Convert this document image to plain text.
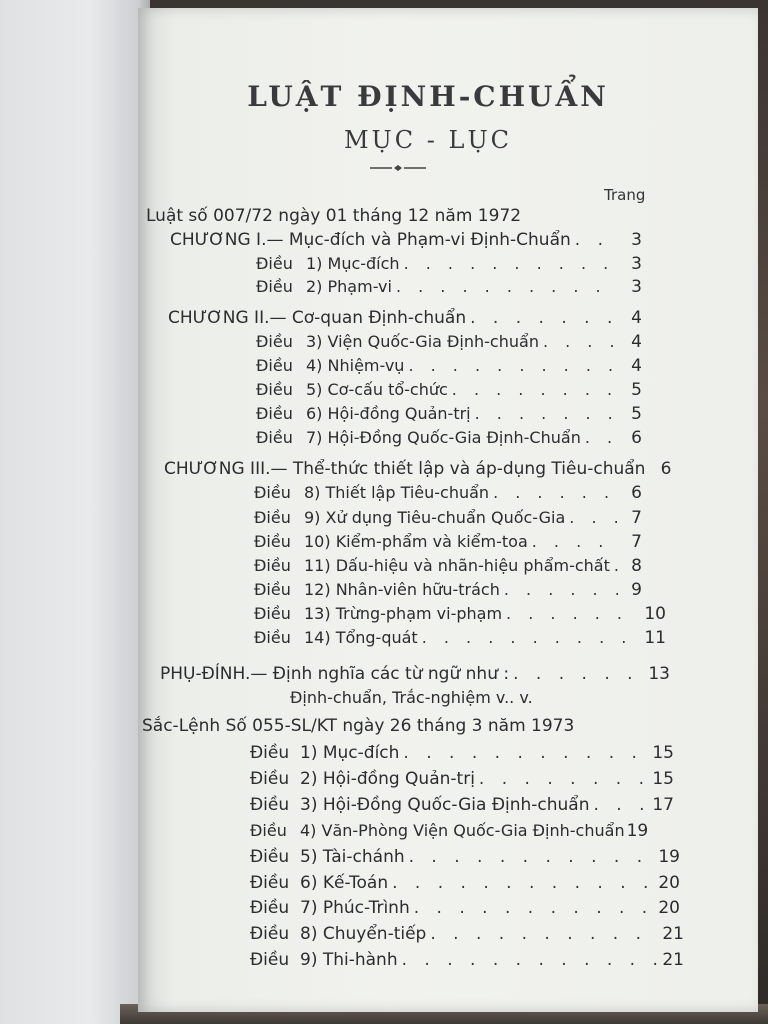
LUẬT ĐỊNH-CHUẨN
MỤC - LỤC
Trang
Luật số 007/72 ngày 01 tháng 12 năm 1972
CHƯƠNG I.— Mục-đích và Phạm-vi Định-Chuẩn . . .	3
Điều 1) Mục-đích . . .	3
Điều 2) Phạm-vi . . .	3
CHƯƠNG II.— Cơ-quan Định-chuẩn . . .	4
Điều 3) Viện Quốc-Gia Định-chuẩn . . .	4
Điều 4) Nhiệm-vụ . . .	4
Điều 5) Cơ-cấu tổ-chức . . .	5
Điều 6) Hội-đồng Quản-trị . . .	5
Điều 7) Hội-Đồng Quốc-Gia Định-Chuẩn . . .	6
CHƯƠNG III.— Thể-thức thiết lập và áp-dụng Tiêu-chuẩn 6
Điều 8) Thiết lập Tiêu-chuẩn . . .	6
Điều 9) Xử dụng Tiêu-chuẩn Quốc-Gia . . .	7
Điều 10) Kiểm-phẩm và kiểm-toa . . .	7
Điều 11) Dấu-hiệu và nhãn-hiệu phẩm-chất . . .	8
Điều 12) Nhân-viên hữu-trách . . .	9
Điều 13) Trừng-phạm vi-phạm . . .	10
Điều 14) Tổng-quát . . .	11
PHỤ-ĐÍNH.— Định nghĩa các từ ngữ như : . . .	13
Định-chuẩn, Trắc-nghiệm v.. v.
Sắc-Lệnh Số 055-SL/KT ngày 26 tháng 3 năm 1973
Điều 1) Mục-đích . . .	15
Điều 2) Hội-đồng Quản-trị . . .	15
Điều 3) Hội-Đồng Quốc-Gia Định-chuẩn . . .	17
Điều 4) Văn-Phòng Viện Quốc-Gia Định-chuẩn 19
Điều 5) Tài-chánh . . .	19
Điều 6) Kế-Toán . . .	20
Điều 7) Phúc-Trình . . .	20
Điều 8) Chuyển-tiếp . . .	21
Điều 9) Thi-hành . . .	21
